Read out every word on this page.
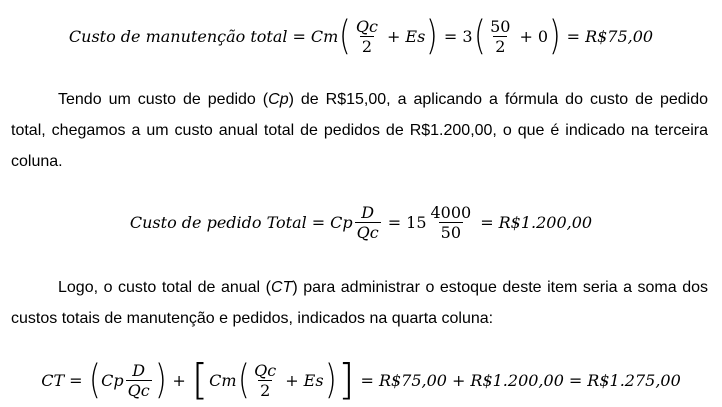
Custo de manutenção total = Cm ( $\frac{Qc}{2} + Es$ ) = 3 ( $\frac{50}{2} + 0$ ) = R$75,00
Tendo um custo de pedido (Cp) de R$15,00, a aplicando a fórmula do custo de pedido total, chegamos a um custo anual total de pedidos de R$1.200,00, o que é indicado na terceira coluna.
Custo de pedido Total = Cp $\frac{D}{Qc} = 15 \frac{4000}{50}$ = R$1.200,00
Logo, o custo total de anual (CT) para administrar o estoque deste item seria a soma dos custos totais de manutenção e pedidos, indicados na quarta coluna:
CT = ( Cp $\frac{D}{Qc}$ ) + [ Cm ( $\frac{Qc}{2} + Es$ ) ] = R$75,00 + R$1.200,00 = R$1.275,00
